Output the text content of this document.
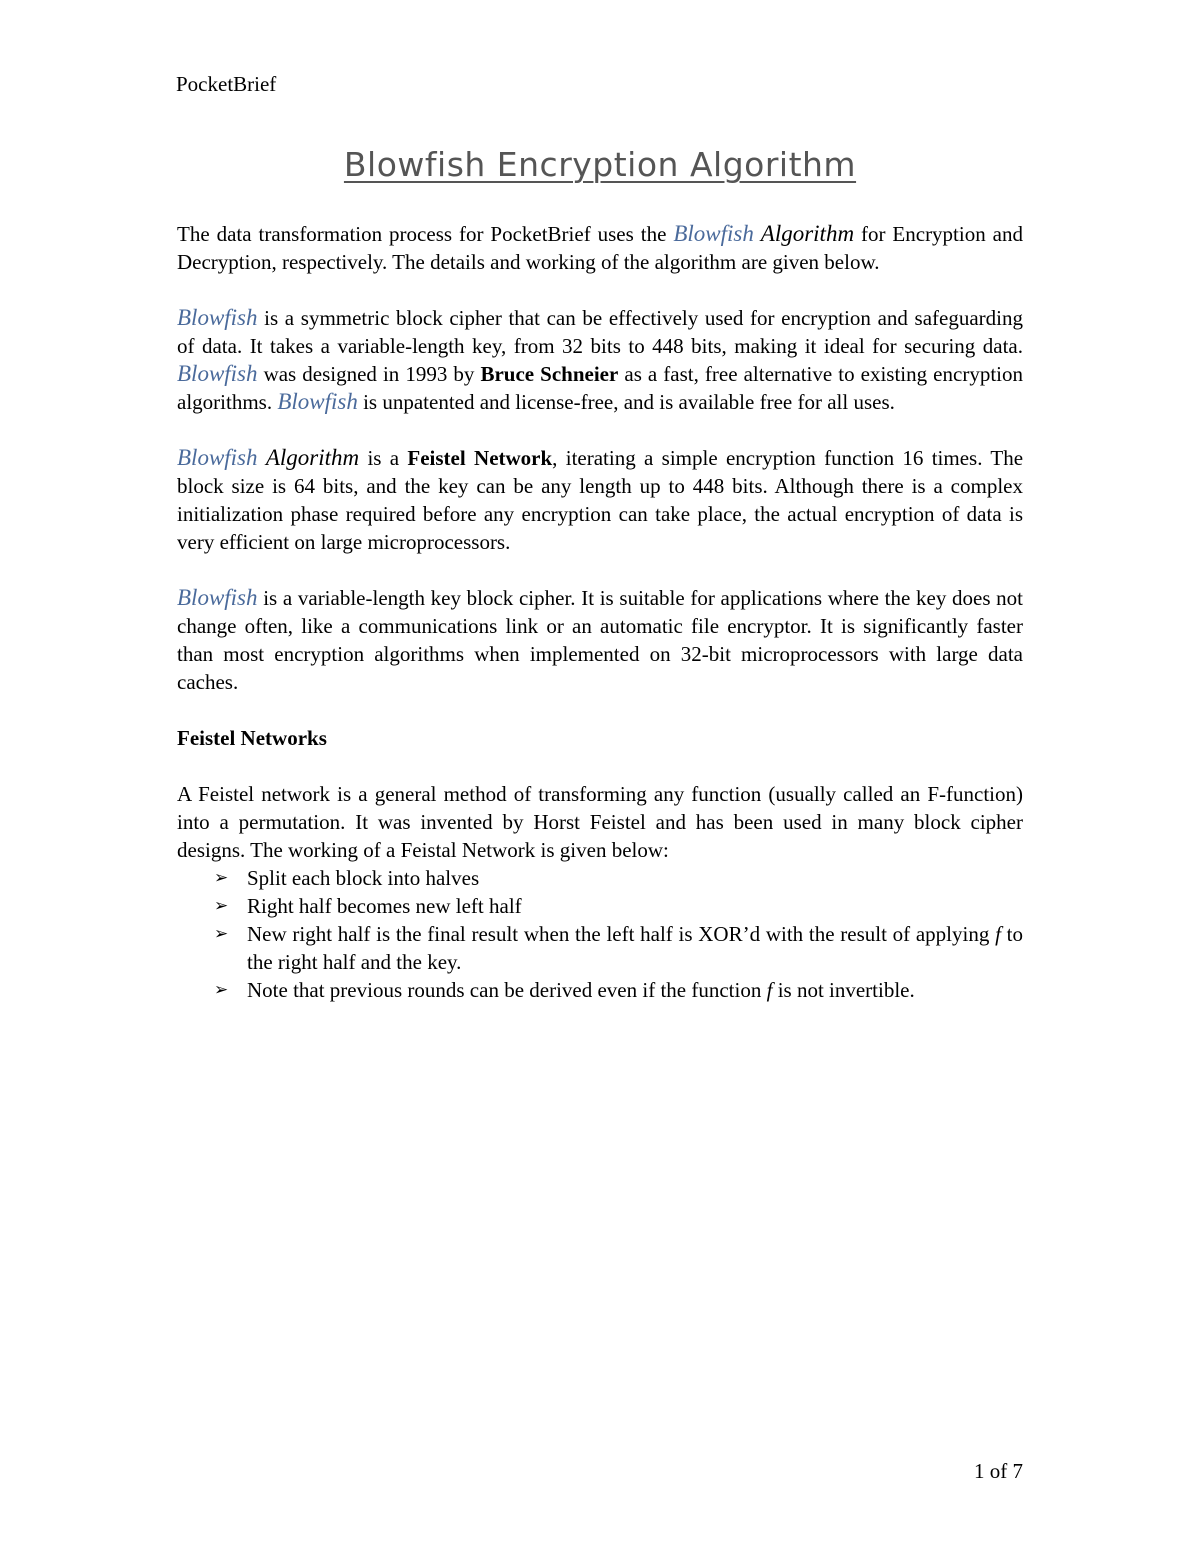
PocketBrief
Blowfish Encryption Algorithm

The data transformation process for PocketBrief uses the Blowfish Algorithm for Encryption and Decryption, respectively. The details and working of the algorithm are given below.

Blowfish is a symmetric block cipher that can be effectively used for encryption and safeguarding of data. It takes a variable-length key, from 32 bits to 448 bits, making it ideal for securing data. Blowfish was designed in 1993 by Bruce Schneier as a fast, free alternative to existing encryption algorithms. Blowfish is unpatented and license-free, and is available free for all uses.

Blowfish Algorithm is a Feistel Network, iterating a simple encryption function 16 times. The block size is 64 bits, and the key can be any length up to 448 bits. Although there is a complex initialization phase required before any encryption can take place, the actual encryption of data is very efficient on large microprocessors.

Blowfish is a variable-length key block cipher. It is suitable for applications where the key does not change often, like a communications link or an automatic file encryptor. It is significantly faster than most encryption algorithms when implemented on 32-bit microprocessors with large data caches.

Feistel Networks

A Feistel network is a general method of transforming any function (usually called an F-function) into a permutation. It was invented by Horst Feistel and has been used in many block cipher designs. The working of a Feistal Network is given below:

➢ Split each block into halves
➢ Right half becomes new left half
➢ New right half is the final result when the left half is XOR’d with the result of applying f to the right half and the key.
➢ Note that previous rounds can be derived even if the function f is not invertible.
1 of 7
